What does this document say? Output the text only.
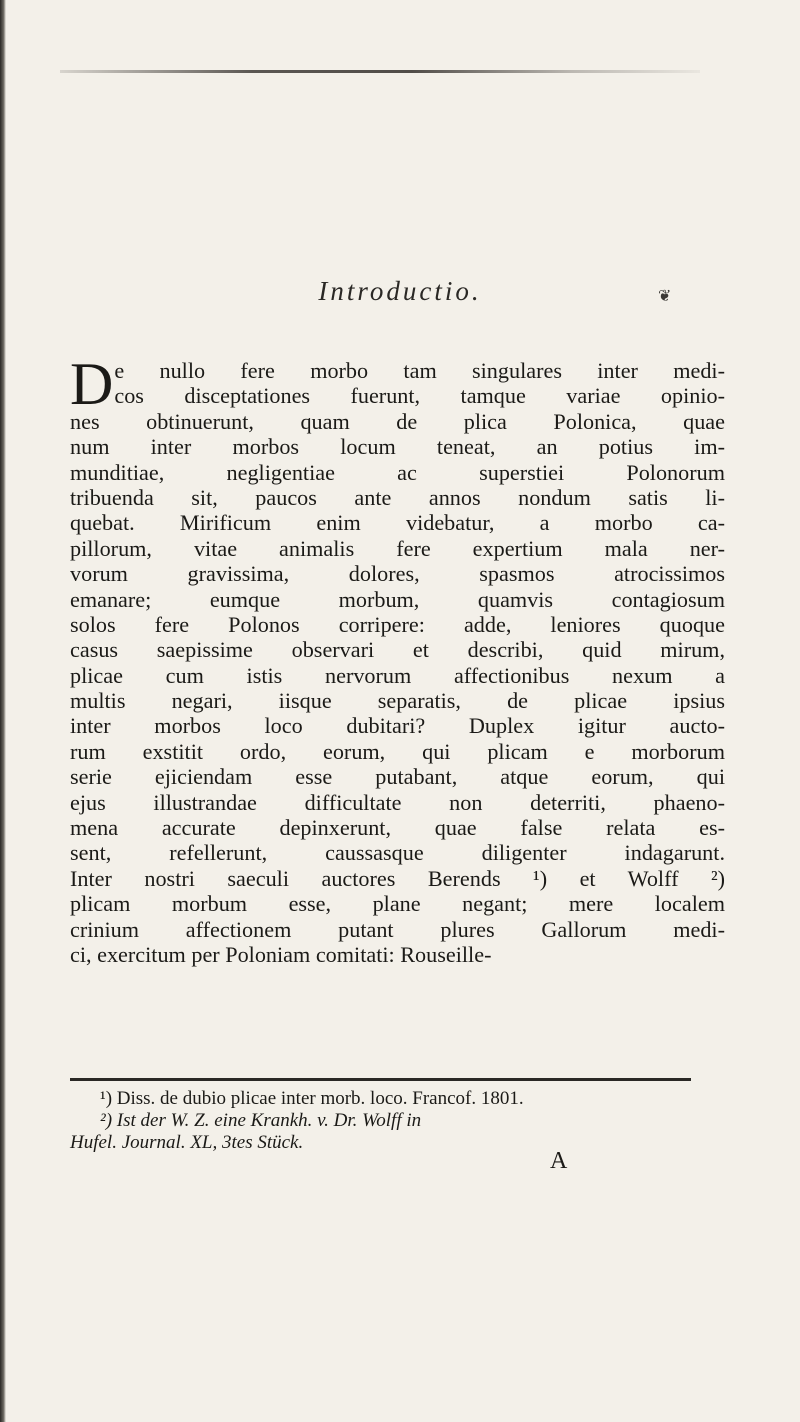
Introductio.	❦
D e nullo fere morbo tam singulares inter medi-
cos disceptationes fuerunt, tamque variae opinio-
nes obtinuerunt, quam de plica Polonica, quae
num inter morbos locum teneat, an potius im-
munditiae, negligentiae ac superstiei Polonorum
tribuenda sit, paucos ante annos nondum satis li-
quebat. Mirificum enim videbatur, a morbo ca-
pillorum, vitae animalis fere expertium mala ner-
vorum gravissima, dolores, spasmos atrocissimos
emanare; eumque morbum, quamvis contagiosum
solos fere Polonos corripere: adde, leniores quoque
casus saepissime observari et describi, quid mirum,
plicae cum istis nervorum affectionibus nexum a
multis negari, iisque separatis, de plicae ipsius
inter morbos loco dubitari? Duplex igitur aucto-
rum exstitit ordo, eorum, qui plicam e morborum
serie ejiciendam esse putabant, atque eorum, qui
ejus illustrandae difficultate non deterriti, phaeno-
mena accurate depinxerunt, quae false relata es-
sent, refellerunt, caussasque diligenter indagarunt.
Inter nostri saeculi auctores Berends ¹) et Wolff ²)
plicam morbum esse, plane negant; mere localem
crinium affectionem putant plures Gallorum medi-
ci, exercitum per Poloniam comitati: Rouseille-
¹) Diss. de dubio plicae inter morb. loco. Francof. 1801.
²) Ist der W. Z. eine Krankh. v. Dr. Wolff in
Hufel. Journal. XL, 3tes Stück.
A
